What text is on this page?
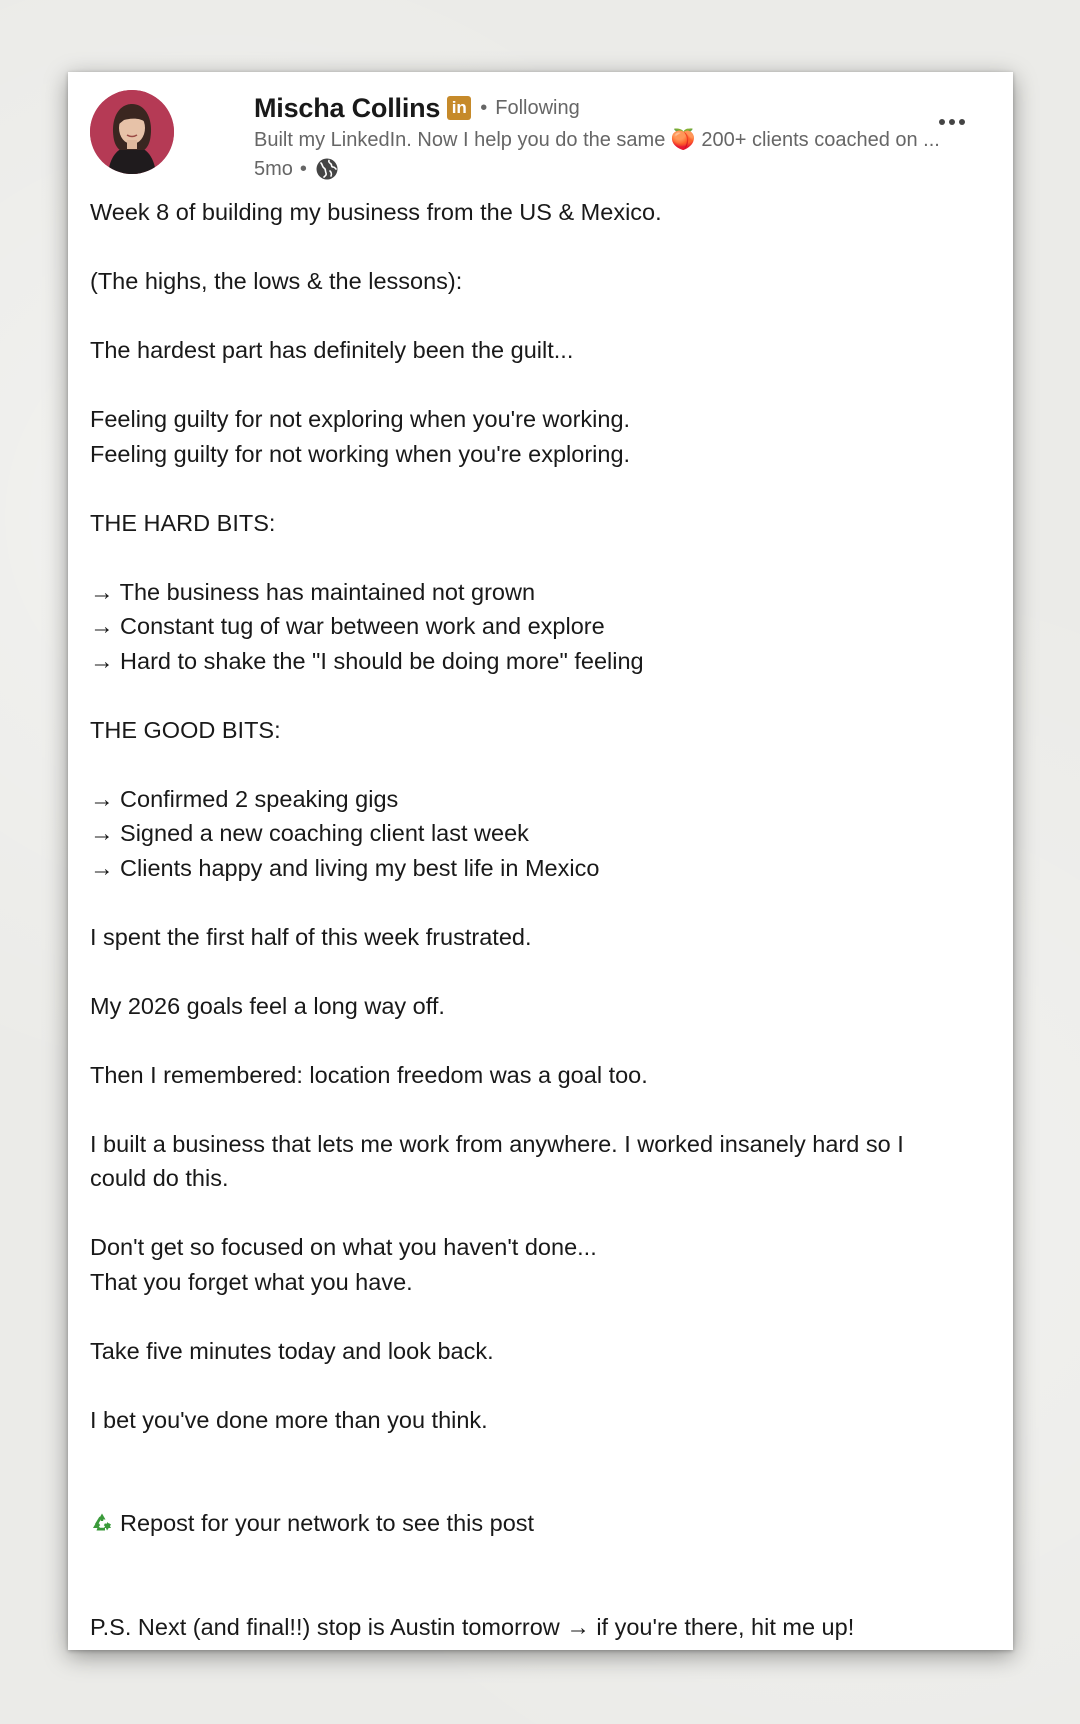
Mischa Collins in • Following
Built my LinkedIn. Now I help you do the same 🍑 200+ clients coached on ...
5mo •
Week 8 of building my business from the US & Mexico.
(The highs, the lows & the lessons):
The hardest part has definitely been the guilt...
Feeling guilty for not exploring when you're working.
Feeling guilty for not working when you're exploring.
THE HARD BITS:
→ The business has maintained not grown
→ Constant tug of war between work and explore
→ Hard to shake the "I should be doing more" feeling
THE GOOD BITS:
→ Confirmed 2 speaking gigs
→ Signed a new coaching client last week
→ Clients happy and living my best life in Mexico
I spent the first half of this week frustrated.
My 2026 goals feel a long way off.
Then I remembered: location freedom was a goal too.
I built a business that lets me work from anywhere. I worked insanely hard so I
could do this.
Don't get so focused on what you haven't done...
That you forget what you have.
Take five minutes today and look back.
I bet you've done more than you think.
Repost for your network to see this post
P.S. Next (and final!!) stop is Austin tomorrow → if you're there, hit me up!
